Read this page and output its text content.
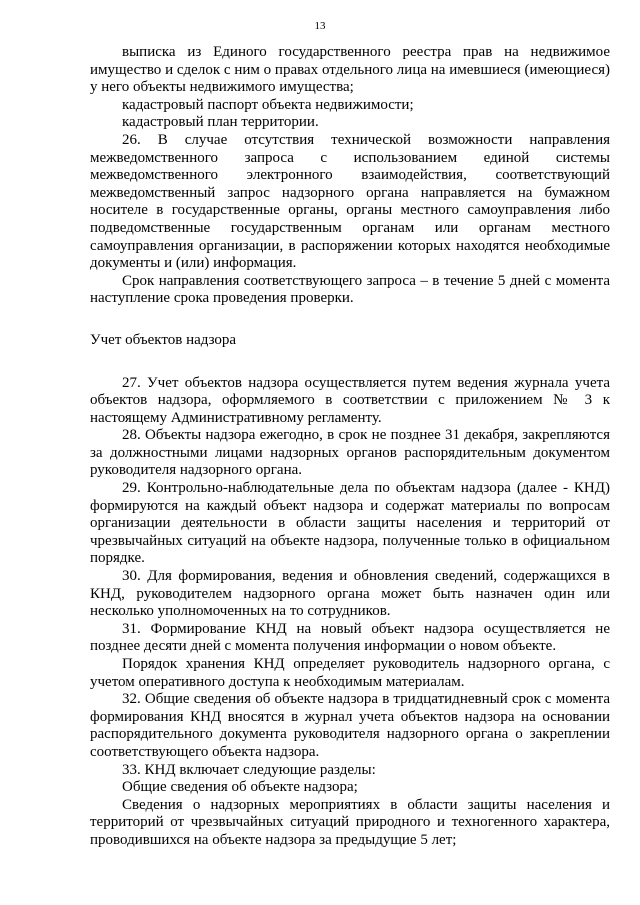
13
выписка из Единого государственного реестра прав на недвижимое имущество и сделок с ним о правах отдельного лица на имевшиеся (имеющиеся) у него объекты недвижимого имущества;
кадастровый паспорт объекта недвижимости;
кадастровый план территории.
26. В случае отсутствия технической возможности направления межведомственного запроса с использованием единой системы межведомственного электронного взаимодействия, соответствующий межведомственный запрос надзорного органа направляется на бумажном носителе в государственные органы, органы местного самоуправления либо подведомственные государственным органам или органам местного самоуправления организации, в распоряжении которых находятся необходимые документы и (или) информация.
Срок направления соответствующего запроса – в течение 5 дней с момента наступление срока проведения проверки.
Учет объектов надзора
27. Учет объектов надзора осуществляется путем ведения журнала учета объектов надзора, оформляемого в соответствии с приложением № 3 к настоящему Административному регламенту.
28. Объекты надзора ежегодно, в срок не позднее 31 декабря, закрепляются за должностными лицами надзорных органов распорядительным документом руководителя надзорного органа.
29. Контрольно-наблюдательные дела по объектам надзора (далее - КНД) формируются на каждый объект надзора и содержат материалы по вопросам организации деятельности в области защиты населения и территорий от чрезвычайных ситуаций на объекте надзора, полученные только в официальном порядке.
30. Для формирования, ведения и обновления сведений, содержащихся в КНД, руководителем надзорного органа может быть назначен один или несколько уполномоченных на то сотрудников.
31. Формирование КНД на новый объект надзора осуществляется не позднее десяти дней с момента получения информации о новом объекте.
Порядок хранения КНД определяет руководитель надзорного органа, с учетом оперативного доступа к необходимым материалам.
32. Общие сведения об объекте надзора в тридцатидневный срок с момента формирования КНД вносятся в журнал учета объектов надзора на основании распорядительного документа руководителя надзорного органа о закреплении соответствующего объекта надзора.
33. КНД включает следующие разделы:
Общие сведения об объекте надзора;
Сведения о надзорных мероприятиях в области защиты населения и территорий от чрезвычайных ситуаций природного и техногенного характера, проводившихся на объекте надзора за предыдущие 5 лет;
